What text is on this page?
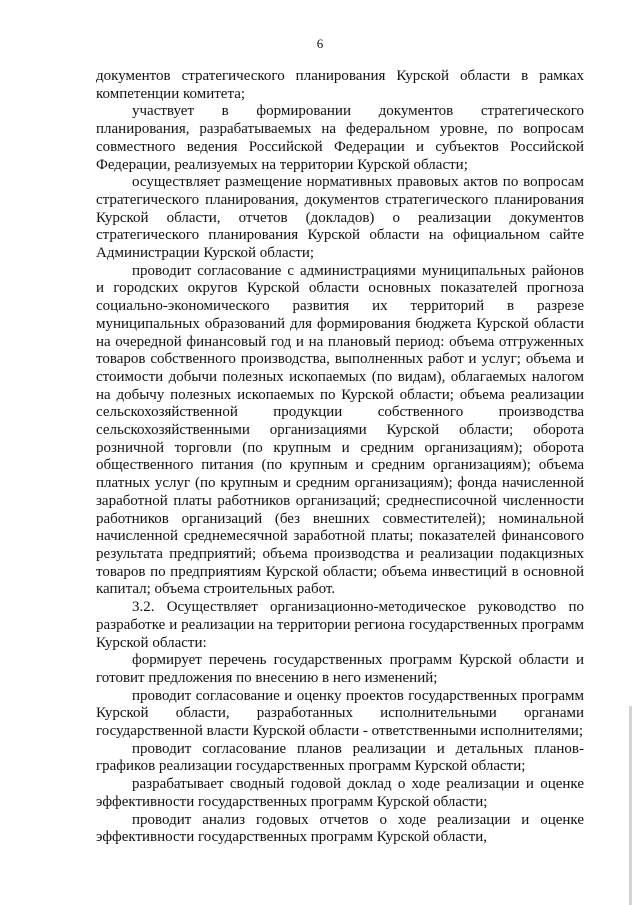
6

документов стратегического планирования Курской области в рамках компетенции комитета;

участвует в формировании документов стратегического планирования, разрабатываемых на федеральном уровне, по вопросам совместного ведения Российской Федерации и субъектов Российской Федерации, реализуемых на территории Курской области;

осуществляет размещение нормативных правовых актов по вопросам стратегического планирования, документов стратегического планирования Курской области, отчетов (докладов) о реализации документов стратегического планирования Курской области на официальном сайте Администрации Курской области;

проводит согласование с администрациями муниципальных районов и городских округов Курской области основных показателей прогноза социально-экономического развития их территорий в разрезе муниципальных образований для формирования бюджета Курской области на очередной финансовый год и на плановый период: объема отгруженных товаров собственного производства, выполненных работ и услуг; объема и стоимости добычи полезных ископаемых (по видам), облагаемых налогом на добычу полезных ископаемых по Курской области; объема реализации сельскохозяйственной продукции собственного производства сельскохозяйственными организациями Курской области; оборота розничной торговли (по крупным и средним организациям); оборота общественного питания (по крупным и средним организациям); объема платных услуг (по крупным и средним организациям); фонда начисленной заработной платы работников организаций; среднесписочной численности работников организаций (без внешних совместителей); номинальной начисленной среднемесячной заработной платы; показателей финансового результата предприятий; объема производства и реализации подакцизных товаров по предприятиям Курской области; объема инвестиций в основной капитал; объема строительных работ.

3.2. Осуществляет организационно-методическое руководство по разработке и реализации на территории региона государственных программ Курской области:

формирует перечень государственных программ Курской области и готовит предложения по внесению в него изменений;

проводит согласование и оценку проектов государственных программ Курской области, разработанных исполнительными органами государственной власти Курской области - ответственными исполнителями;

проводит согласование планов реализации и детальных планов-графиков реализации государственных программ Курской области;

разрабатывает сводный годовой доклад о ходе реализации и оценке эффективности государственных программ Курской области;

проводит анализ годовых отчетов о ходе реализации и оценке эффективности государственных программ Курской области,
